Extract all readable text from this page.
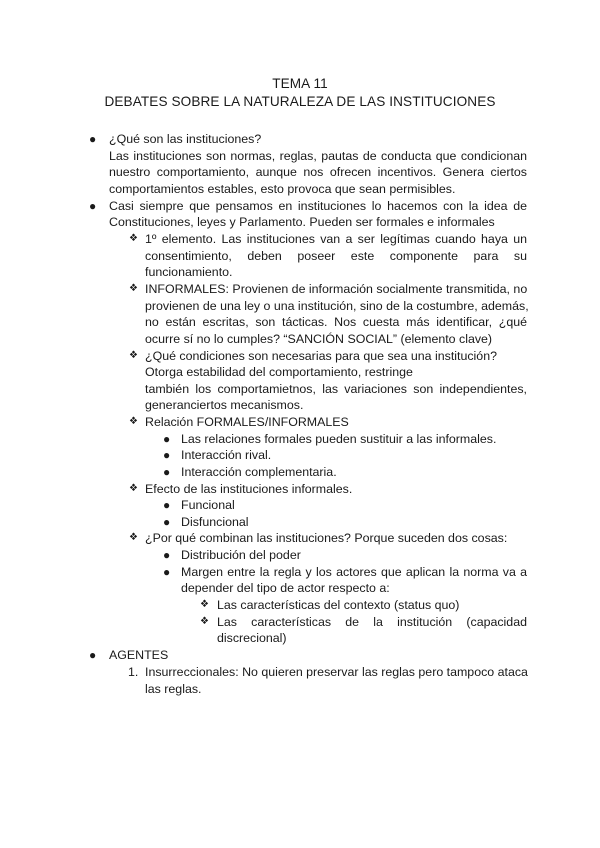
TEMA 11
DEBATES SOBRE LA NATURALEZA DE LAS INSTITUCIONES
● ¿Qué son las instituciones?
Las instituciones son normas, reglas, pautas de conducta que condicionan
nuestro comportamiento, aunque nos ofrecen incentivos. Genera ciertos
comportamientos estables, esto provoca que sean permisibles.
● Casi siempre que pensamos en instituciones lo hacemos con la idea de
Constituciones, leyes y Parlamento. Pueden ser formales e informales
❖ 1º elemento. Las instituciones van a ser legítimas cuando haya un
consentimiento, deben poseer este componente para su
funcionamiento.
❖ INFORMALES: Provienen de información socialmente transmitida, no
provienen de una ley o una institución, sino de la costumbre, además,
no están escritas, son tácticas. Nos cuesta más identificar, ¿qué
ocurre sí no lo cumples? “SANCIÓN SOCIAL” (elemento clave)
❖ ¿Qué condiciones son necesarias para que sea una institución?
Otorga estabilidad del comportamiento, restringe
también los comportamietnos, las variaciones son independientes,
generanciertos mecanismos.
❖ Relación FORMALES/INFORMALES
● Las relaciones formales pueden sustituir a las informales.
● Interacción rival.
● Interacción complementaria.
❖ Efecto de las instituciones informales.
● Funcional
● Disfuncional
❖ ¿Por qué combinan las instituciones? Porque suceden dos cosas:
● Distribución del poder
● Margen entre la regla y los actores que aplican la norma va a
depender del tipo de actor respecto a:
❖ Las características del contexto (status quo)
❖ Las características de la institución (capacidad
discrecional)
● AGENTES
1. Insurreccionales: No quieren preservar las reglas pero tampoco ataca
las reglas.
